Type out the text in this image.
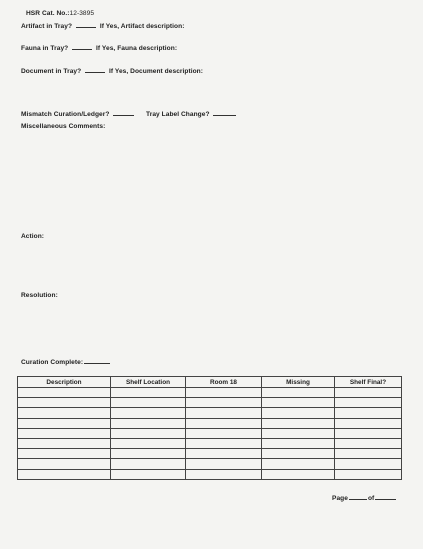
HSR Cat. No.:12-3895
Artifact in Tray?	If Yes, Artifact description:
Fauna in Tray?	If Yes, Fauna description:
Document in Tray?	If Yes, Document description:
Mismatch Curation/Ledger?	Tray Label Change?
Miscellaneous Comments:
Action:
Resolution:
Curation Complete:
Description	Shelf Location	Room 18	Missing	Shelf Final?

Page	of
